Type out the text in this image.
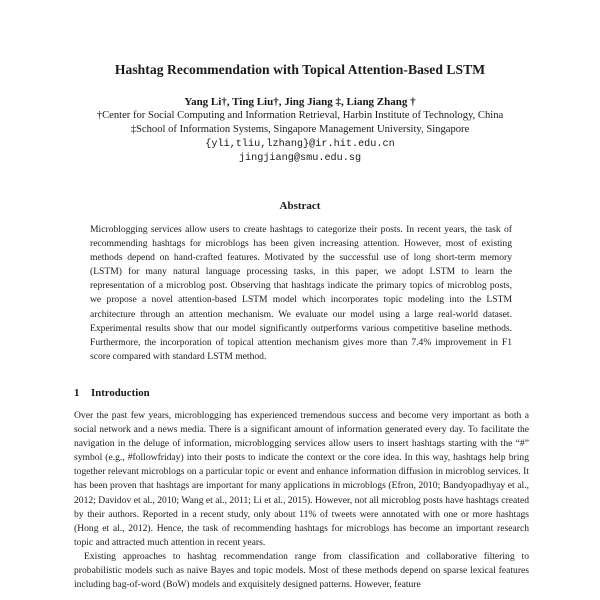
Hashtag Recommendation with Topical Attention-Based LSTM
Yang Li†, Ting Liu†, Jing Jiang ‡, Liang Zhang †
†Center for Social Computing and Information Retrieval, Harbin Institute of Technology, China
‡School of Information Systems, Singapore Management University, Singapore
{yli,tliu,lzhang}@ir.hit.edu.cn
jingjiang@smu.edu.sg
Abstract
Microblogging services allow users to create hashtags to categorize their posts. In recent years, the task of recommending hashtags for microblogs has been given increasing attention. However, most of existing methods depend on hand-crafted features. Motivated by the successful use of long short-term memory (LSTM) for many natural language processing tasks, in this paper, we adopt LSTM to learn the representation of a microblog post. Observing that hashtags indicate the primary topics of microblog posts, we propose a novel attention-based LSTM model which incorporates topic modeling into the LSTM architecture through an attention mechanism. We evaluate our model using a large real-world dataset. Experimental results show that our model significantly outperforms various competitive baseline methods. Furthermore, the incorporation of topical attention mechanism gives more than 7.4% improvement in F1 score compared with standard LSTM method.
1 Introduction

Over the past few years, microblogging has experienced tremendous success and become very important as both a social network and a news media. There is a significant amount of information generated every day. To facilitate the navigation in the deluge of information, microblogging services allow users to insert hashtags starting with the “#” symbol (e.g., #followfriday) into their posts to indicate the context or the core idea. In this way, hashtags help bring together relevant microblogs on a particular topic or event and enhance information diffusion in microblog services. It has been proven that hashtags are important for many applications in microblogs (Efron, 2010; Bandyopadhyay et al., 2012; Davidov et al., 2010; Wang et al., 2011; Li et al., 2015). However, not all microblog posts have hashtags created by their authors. Reported in a recent study, only about 11% of tweets were annotated with one or more hashtags (Hong et al., 2012). Hence, the task of recommending hashtags for microblogs has become an important research topic and attracted much attention in recent years.

Existing approaches to hashtag recommendation range from classification and collaborative filtering to probabilistic models such as naive Bayes and topic models. Most of these methods depend on sparse lexical features including bag-of-word (BoW) models and exquisitely designed patterns. However, feature
